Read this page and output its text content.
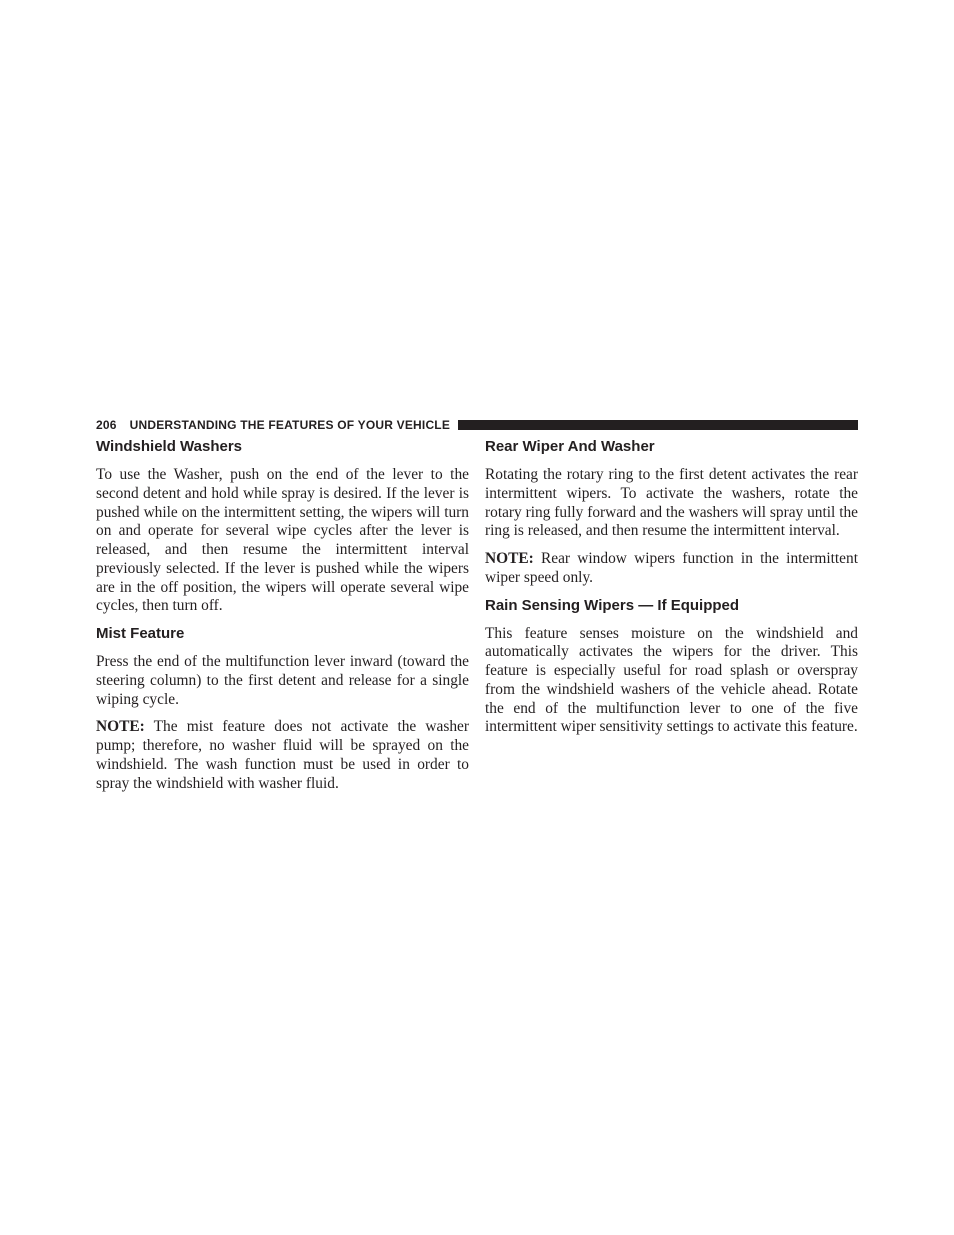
206 UNDERSTANDING THE FEATURES OF YOUR VEHICLE
Windshield Washers

To use the Washer, push on the end of the lever to the second detent and hold while spray is desired. If the lever is pushed while on the intermittent setting, the wipers will turn on and operate for several wipe cycles after the lever is released, and then resume the intermittent interval previously selected. If the lever is pushed while the wipers are in the off position, the wipers will operate several wipe cycles, then turn off.

Mist Feature

Press the end of the multifunction lever inward (toward the steering column) to the first detent and release for a single wiping cycle.

NOTE: The mist feature does not activate the washer pump; therefore, no washer fluid will be sprayed on the windshield. The wash function must be used in order to spray the windshield with washer fluid.

Rear Wiper And Washer

Rotating the rotary ring to the first detent activates the rear intermittent wipers. To activate the washers, rotate the rotary ring fully forward and the washers will spray until the ring is released, and then resume the intermittent interval.

NOTE: Rear window wipers function in the intermittent wiper speed only.

Rain Sensing Wipers — If Equipped

This feature senses moisture on the windshield and automatically activates the wipers for the driver. This feature is especially useful for road splash or overspray from the windshield washers of the vehicle ahead. Rotate the end of the multifunction lever to one of the five intermittent wiper sensitivity settings to activate this feature.
